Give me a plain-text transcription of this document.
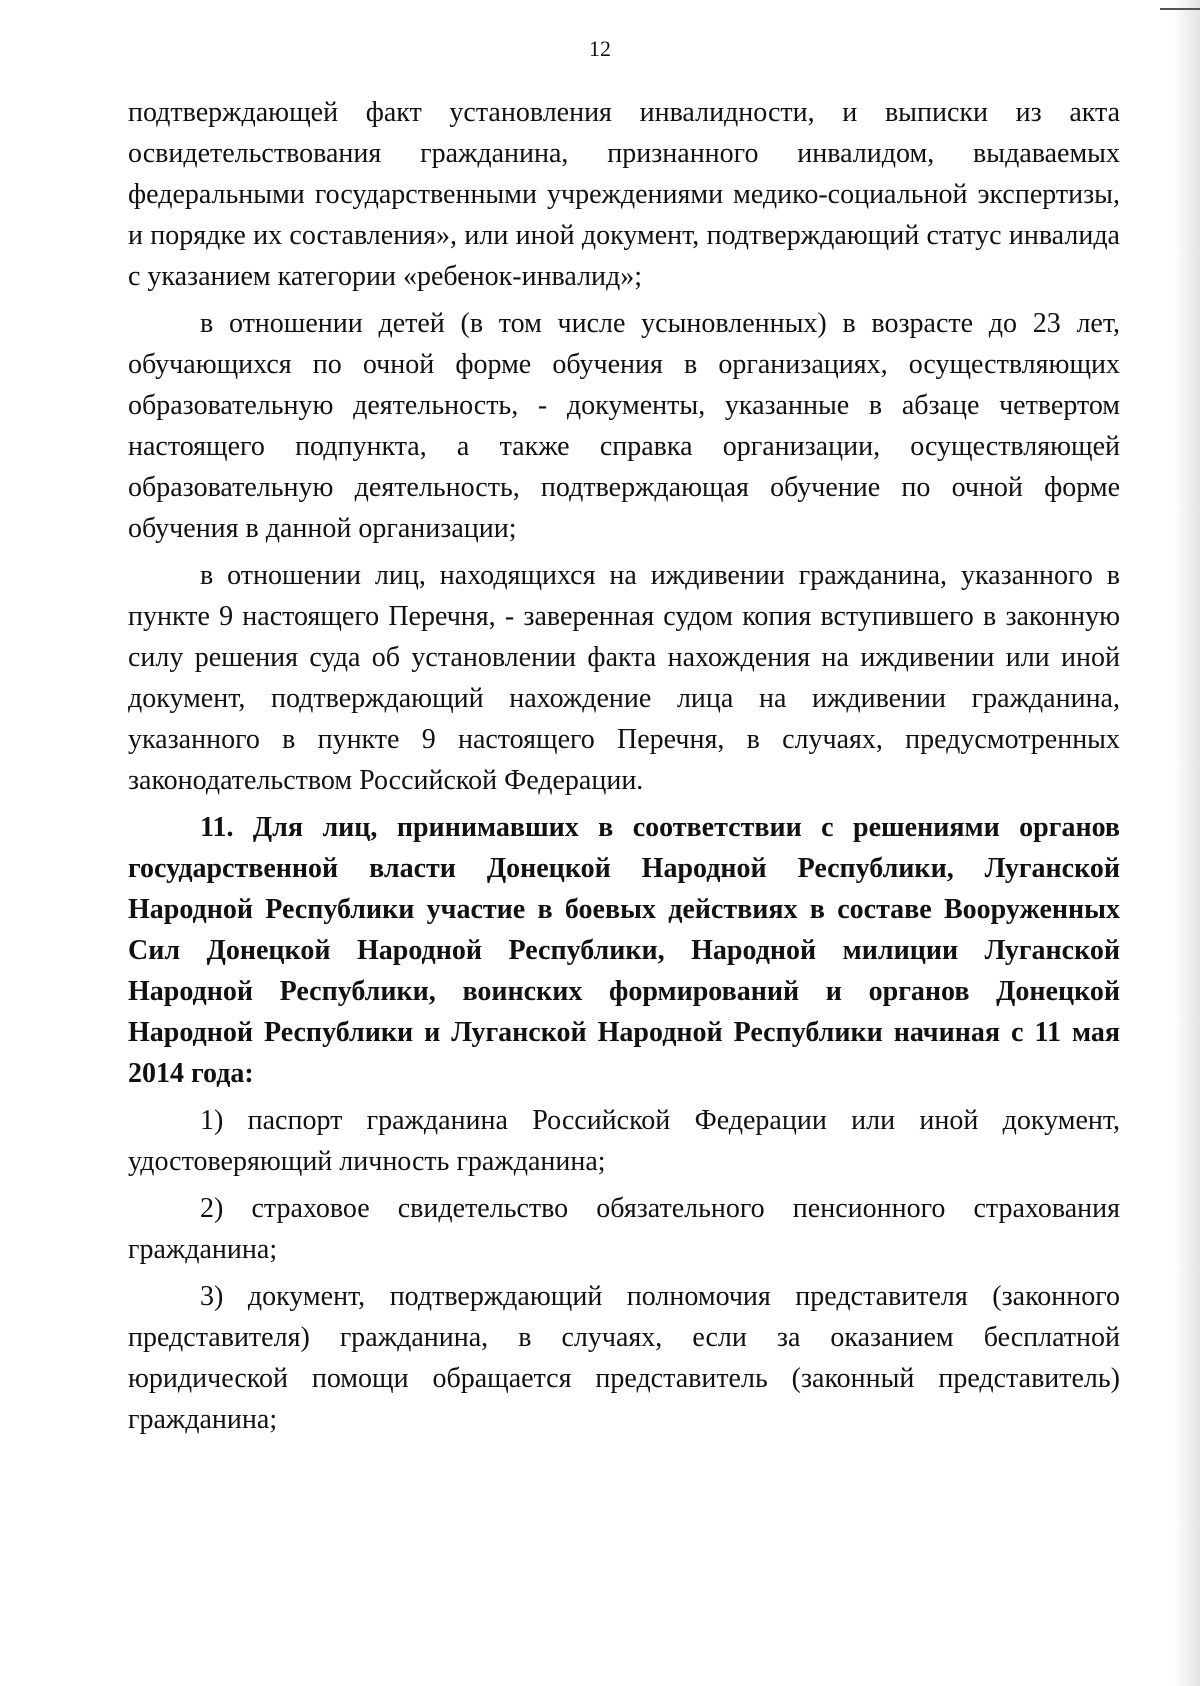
12

подтверждающей факт установления инвалидности, и выписки из акта освидетельствования гражданина, признанного инвалидом, выдаваемых федеральными государственными учреждениями медико-социальной экспертизы, и порядке их составления», или иной документ, подтверждающий статус инвалида с указанием категории «ребенок-инвалид»;

в отношении детей (в том числе усыновленных) в возрасте до 23 лет, обучающихся по очной форме обучения в организациях, осуществляющих образовательную деятельность, - документы, указанные в абзаце четвертом настоящего подпункта, а также справка организации, осуществляющей образовательную деятельность, подтверждающая обучение по очной форме обучения в данной организации;

в отношении лиц, находящихся на иждивении гражданина, указанного в пункте 9 настоящего Перечня, - заверенная судом копия вступившего в законную силу решения суда об установлении факта нахождения на иждивении или иной документ, подтверждающий нахождение лица на иждивении гражданина, указанного в пункте 9 настоящего Перечня, в случаях, предусмотренных законодательством Российской Федерации.

11. Для лиц, принимавших в соответствии с решениями органов государственной власти Донецкой Народной Республики, Луганской Народной Республики участие в боевых действиях в составе Вооруженных Сил Донецкой Народной Республики, Народной милиции Луганской Народной Республики, воинских формирований и органов Донецкой Народной Республики и Луганской Народной Республики начиная с 11 мая 2014 года:

1) паспорт гражданина Российской Федерации или иной документ, удостоверяющий личность гражданина;

2) страховое свидетельство обязательного пенсионного страхования гражданина;

3) документ, подтверждающий полномочия представителя (законного представителя) гражданина, в случаях, если за оказанием бесплатной юридической помощи обращается представитель (законный представитель) гражданина;
